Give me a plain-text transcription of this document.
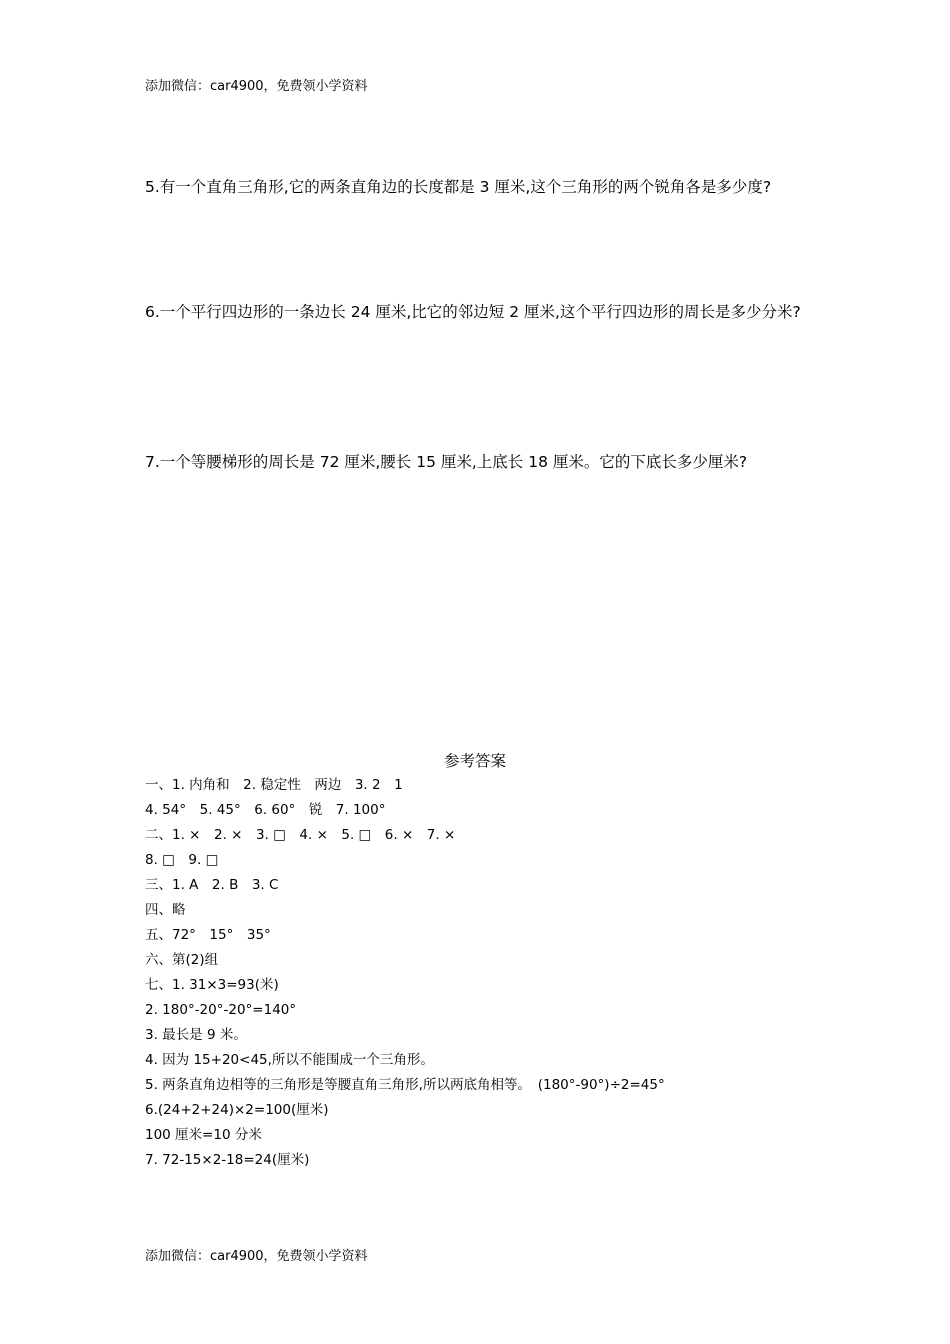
添加微信：car4900，免费领小学资料
5.有一个直角三角形,它的两条直角边的长度都是 3 厘米,这个三角形的两个锐角各是多少度?
6.一个平行四边形的一条边长 24 厘米,比它的邻边短 2 厘米,这个平行四边形的周长是多少分米?
7.一个等腰梯形的周长是 72 厘米,腰长 15 厘米,上底长 18 厘米。它的下底长多少厘米?
参考答案
一、1. 内角和　2. 稳定性　两边　3. 2　1
4. 54°　5. 45°　6. 60°　锐　7. 100°
二、1. ×　2. ×　3. □　4. ×　5. □　6. ×　7. ×
8. □　9. □
三、1. A　2. B　3. C
四、略
五、72°　15°　35°
六、第(2)组
七、1. 31×3=93(米)
2. 180°-20°-20°=140°
3. 最长是 9 米。
4. 因为 15+20<45,所以不能围成一个三角形。
5. 两条直角边相等的三角形是等腰直角三角形,所以两底角相等。　(180°-90°)÷2=45°
6.(24+2+24)×2=100(厘米)
100 厘米=10 分米
7. 72-15×2-18=24(厘米)
添加微信：car4900，免费领小学资料
